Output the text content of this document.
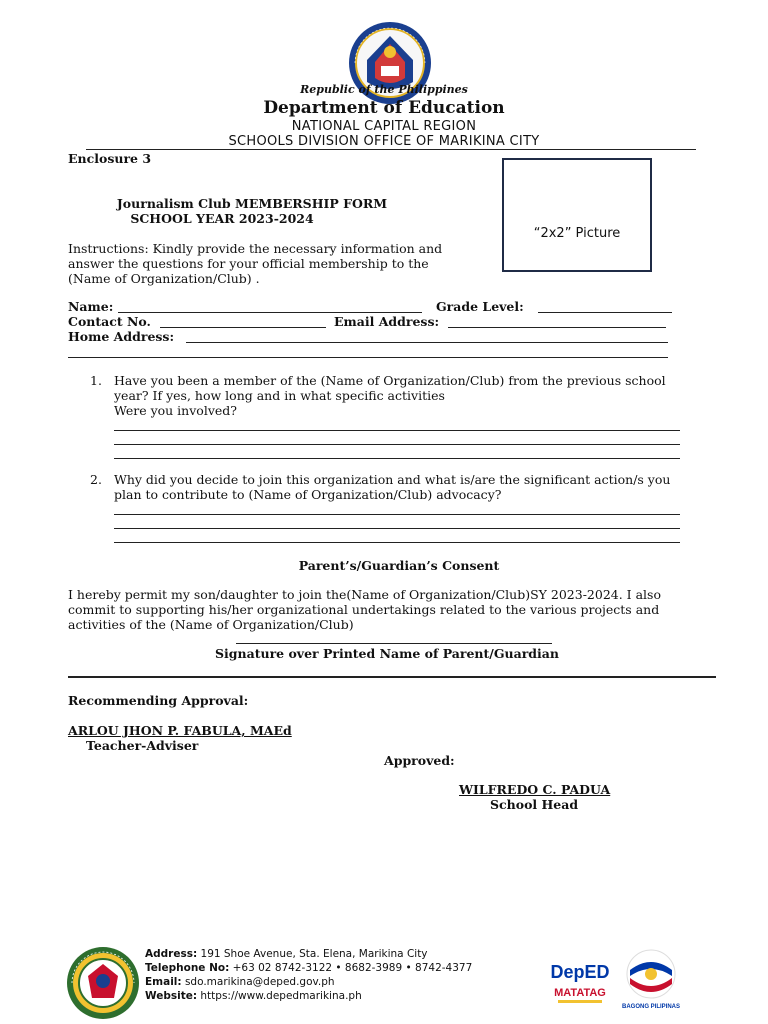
Republic of the Philippines
Department of Education
NATIONAL CAPITAL REGION
SCHOOLS DIVISION OFFICE OF MARIKINA CITY
Enclosure 3
Journalism Club MEMBERSHIP FORM
SCHOOL YEAR 2023-2024
“2x2” Picture
Instructions: Kindly provide the necessary information and
answer the questions for your official membership to the
(Name of Organization/Club) .
Name:	Grade Level:
Contact No.	Email Address:
Home Address:
1. Have you been a member of the (Name of Organization/Club) from the previous school
year? If yes, how long and in what specific activities
Were you involved?
2. Why did you decide to join this organization and what is/are the significant action/s you
plan to contribute to (Name of Organization/Club) advocacy?
Parent’s/Guardian’s Consent
I hereby permit my son/daughter to join the(Name of Organization/Club)SY 2023-2024. I also
commit to supporting his/her organizational undertakings related to the various projects and
activities of the (Name of Organization/Club)
Signature over Printed Name of Parent/Guardian
Recommending Approval:
ARLOU JHON P. FABULA, MAEd
Teacher-Adviser
Approved:
WILFREDO C. PADUA
School Head
Address: 191 Shoe Avenue, Sta. Elena, Marikina City
Telephone No: +63 02 8742-3122 • 8682-3989 • 8742-4377
Email: sdo.marikina@deped.gov.ph
Website: https://www.depedmarikina.ph
DepED
MATATAG
BAGONG PILIPINAS
